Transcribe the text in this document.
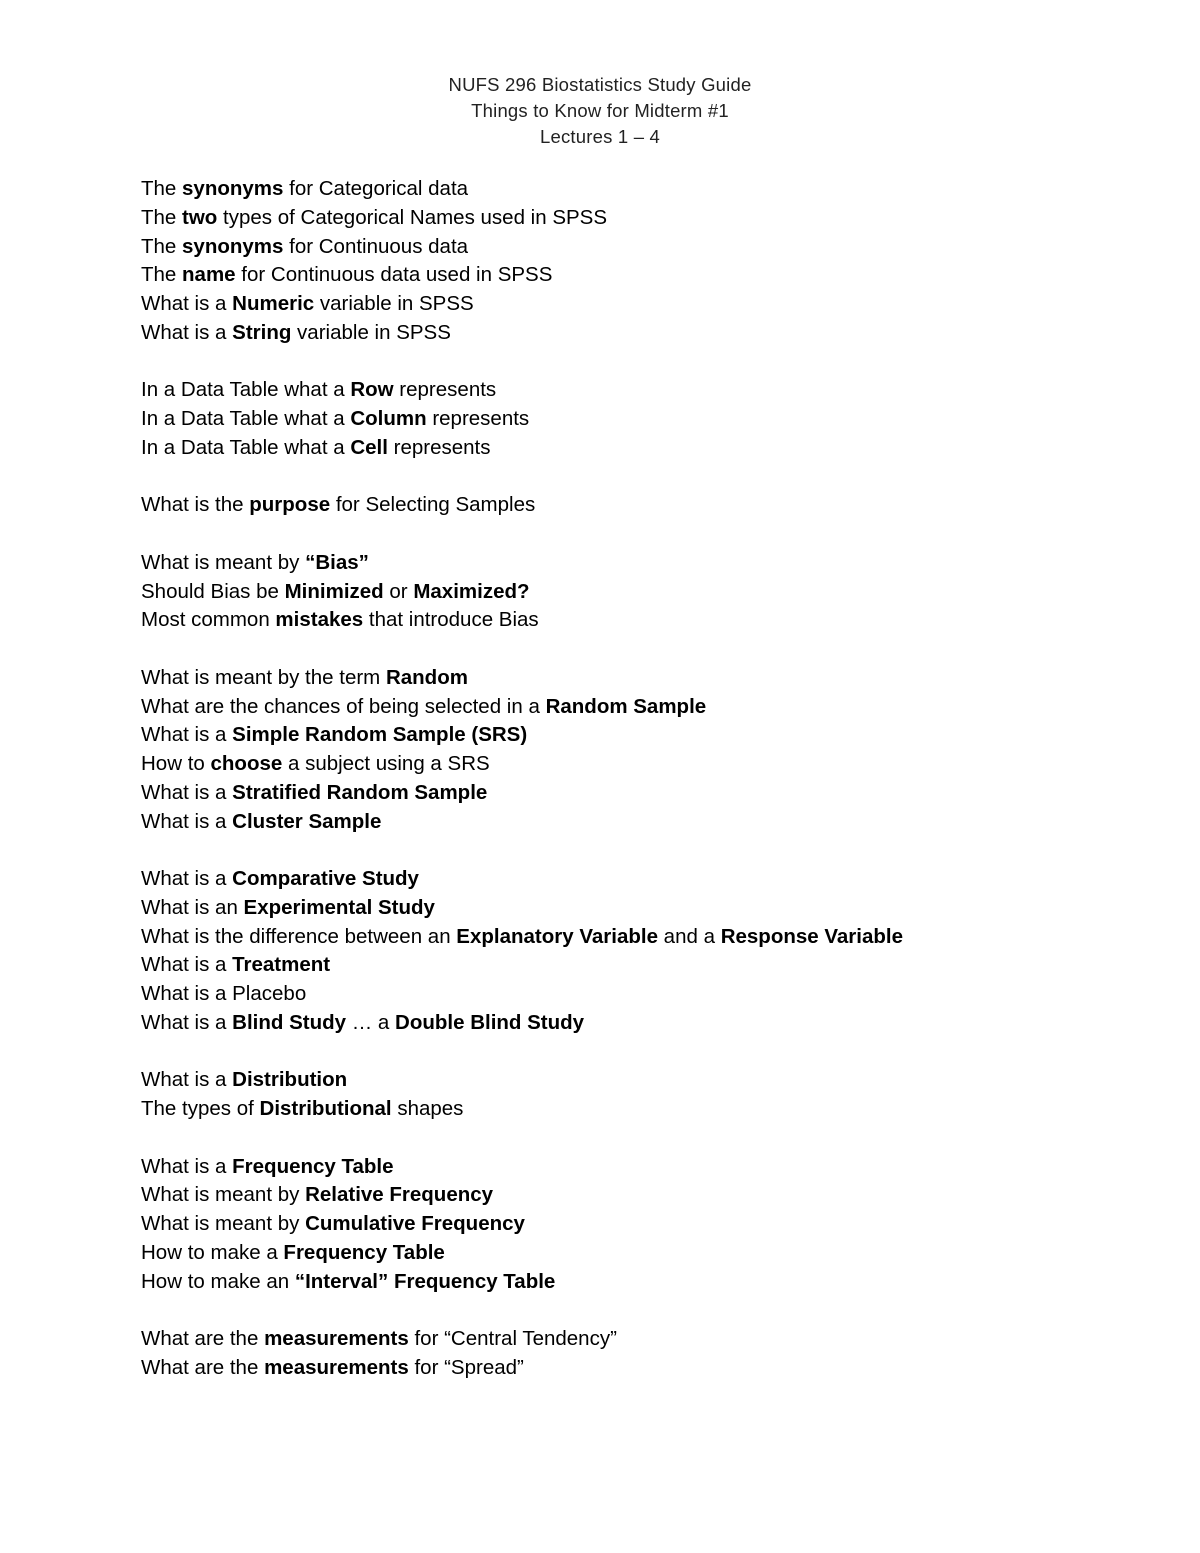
NUFS 296 Biostatistics Study Guide
Things to Know for Midterm #1
Lectures 1 – 4
The synonyms for Categorical data
The two types of Categorical Names used in SPSS
The synonyms for Continuous data
The name for Continuous data used in SPSS
What is a Numeric variable in SPSS
What is a String variable in SPSS
In a Data Table what a Row represents
In a Data Table what a Column represents
In a Data Table what a Cell represents
What is the purpose for Selecting Samples
What is meant by “Bias”
Should Bias be Minimized or Maximized?
Most common mistakes that introduce Bias
What is meant by the term Random
What are the chances of being selected in a Random Sample
What is a Simple Random Sample (SRS)
How to choose a subject using a SRS
What is a Stratified Random Sample
What is a Cluster Sample
What is a Comparative Study
What is an Experimental Study
What is the difference between an Explanatory Variable and a Response Variable
What is a Treatment
What is a Placebo
What is a Blind Study … a Double Blind Study
What is a Distribution
The types of Distributional shapes
What is a Frequency Table
What is meant by Relative Frequency
What is meant by Cumulative Frequency
How to make a Frequency Table
How to make an “Interval” Frequency Table
What are the measurements for “Central Tendency”
What are the measurements for “Spread”
